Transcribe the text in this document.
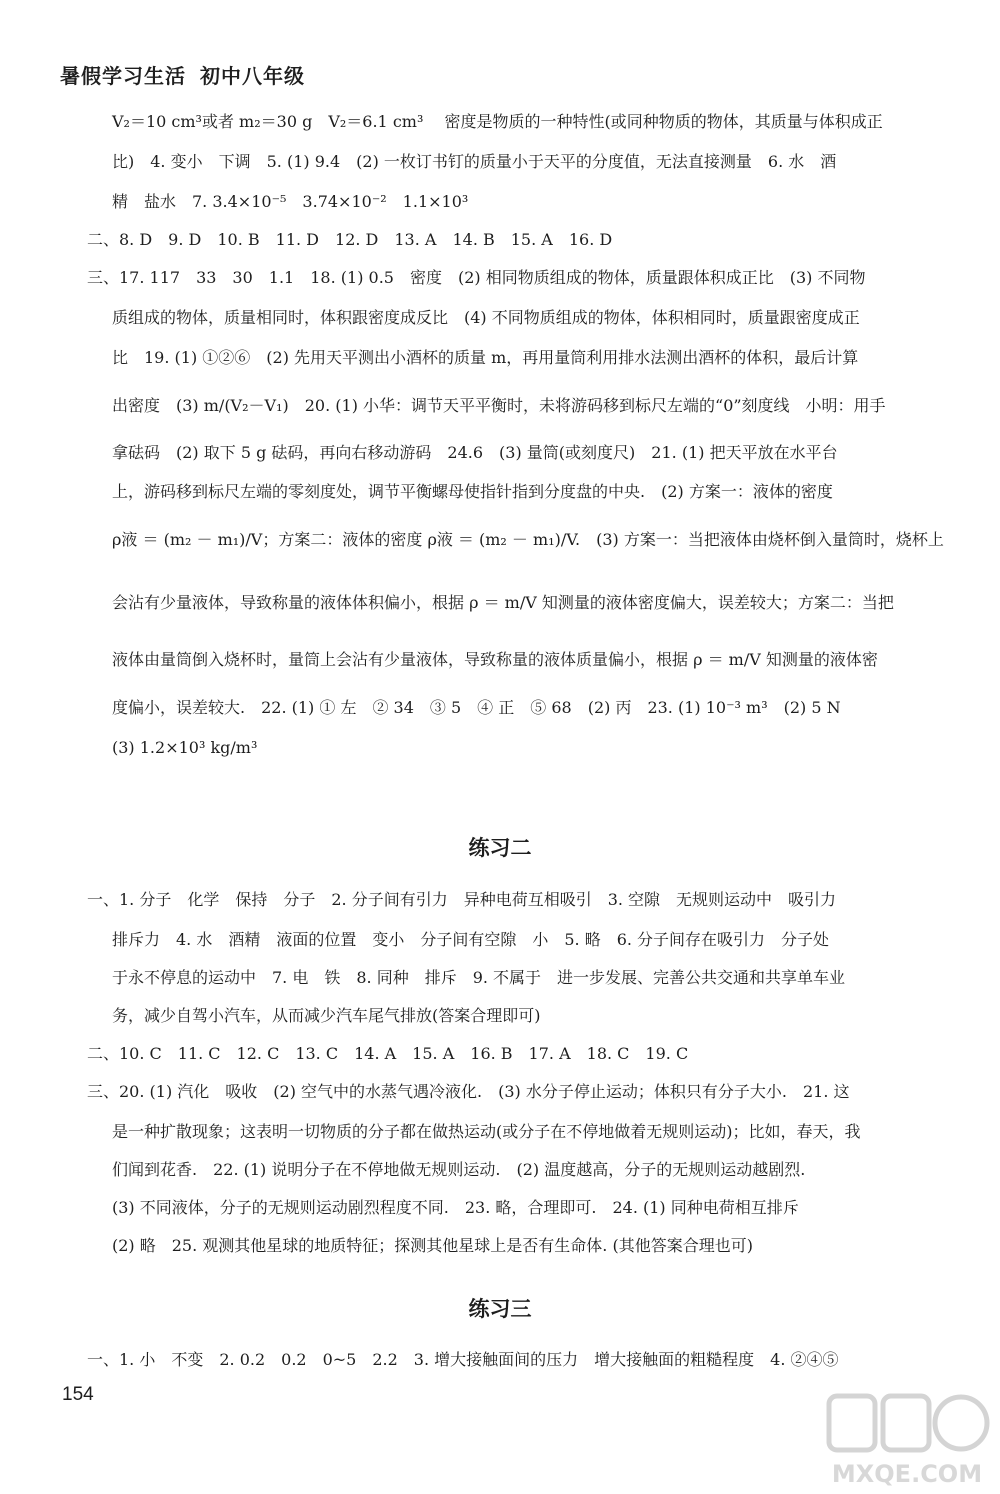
暑假学习生活 初中八年级
V₂＝10 cm³或者 m₂＝30 g　V₂＝6.1 cm³　 密度是物质的一种特性(或同种物质的物体，其质量与体积成正
比)　4. 变小　下调　5. (1) 9.4　(2) 一枚订书钉的质量小于天平的分度值，无法直接测量　6. 水　酒
精　盐水　7. 3.4×10⁻⁵　3.74×10⁻²　1.1×10³
二、8. D　9. D　10. B　11. D　12. D　13. A　14. B　15. A　16. D
三、17. 117　33　30　1.1　18. (1) 0.5　密度　(2) 相同物质组成的物体，质量跟体积成正比　(3) 不同物
质组成的物体，质量相同时，体积跟密度成反比　(4) 不同物质组成的物体，体积相同时，质量跟密度成正
比　19. (1) ①②⑥　(2) 先用天平测出小酒杯的质量 m，再用量筒利用排水法测出酒杯的体积，最后计算
出密度　(3) m/(V₂－V₁)　20. (1) 小华：调节天平平衡时，未将游码移到标尺左端的“0”刻度线　小明：用手
拿砝码　(2) 取下 5 g 砝码，再向右移动游码　24.6　(3) 量筒(或刻度尺)　21. (1) 把天平放在水平台
上，游码移到标尺左端的零刻度处，调节平衡螺母使指针指到分度盘的中央.　(2) 方案一：液体的密度
ρ液 ＝ (m₂ － m₁)/V；方案二：液体的密度 ρ液 ＝ (m₂ － m₁)/V.　(3) 方案一：当把液体由烧杯倒入量筒时，烧杯上
会沾有少量液体，导致称量的液体体积偏小，根据 ρ ＝ m/V 知测量的液体密度偏大，误差较大；方案二：当把
液体由量筒倒入烧杯时，量筒上会沾有少量液体，导致称量的液体质量偏小，根据 ρ ＝ m/V 知测量的液体密
度偏小，误差较大.　22. (1) ① 左　② 34　③ 5　④ 正　⑤ 68　(2) 丙　23. (1) 10⁻³ m³　(2) 5 N
(3) 1.2×10³ kg/m³
练习二
一、1. 分子　化学　保持　分子　2. 分子间有引力　异种电荷互相吸引　3. 空隙　无规则运动中　吸引力
排斥力　4. 水　酒精　液面的位置　变小　分子间有空隙　小　5. 略　6. 分子间存在吸引力　分子处
于永不停息的运动中　7. 电　铁　8. 同种　排斥　9. 不属于　进一步发展、完善公共交通和共享单车业
务，减少自驾小汽车，从而减少汽车尾气排放(答案合理即可)
二、10. C　11. C　12. C　13. C　14. A　15. A　16. B　17. A　18. C　19. C
三、20. (1) 汽化　吸收　(2) 空气中的水蒸气遇冷液化.　(3) 水分子停止运动；体积只有分子大小.　21. 这
是一种扩散现象；这表明一切物质的分子都在做热运动(或分子在不停地做着无规则运动)；比如，春天，我
们闻到花香.　22. (1) 说明分子在不停地做无规则运动.　(2) 温度越高，分子的无规则运动越剧烈.
(3) 不同液体，分子的无规则运动剧烈程度不同.　23. 略，合理即可.　24. (1) 同种电荷相互排斥
(2) 略　25. 观测其他星球的地质特征；探测其他星球上是否有生命体. (其他答案合理也可)
练习三
一、1. 小　不变　2. 0.2　0.2　0~5　2.2　3. 增大接触面间的压力　增大接触面的粗糙程度　4. ②④⑤
154
MXQE.COM
